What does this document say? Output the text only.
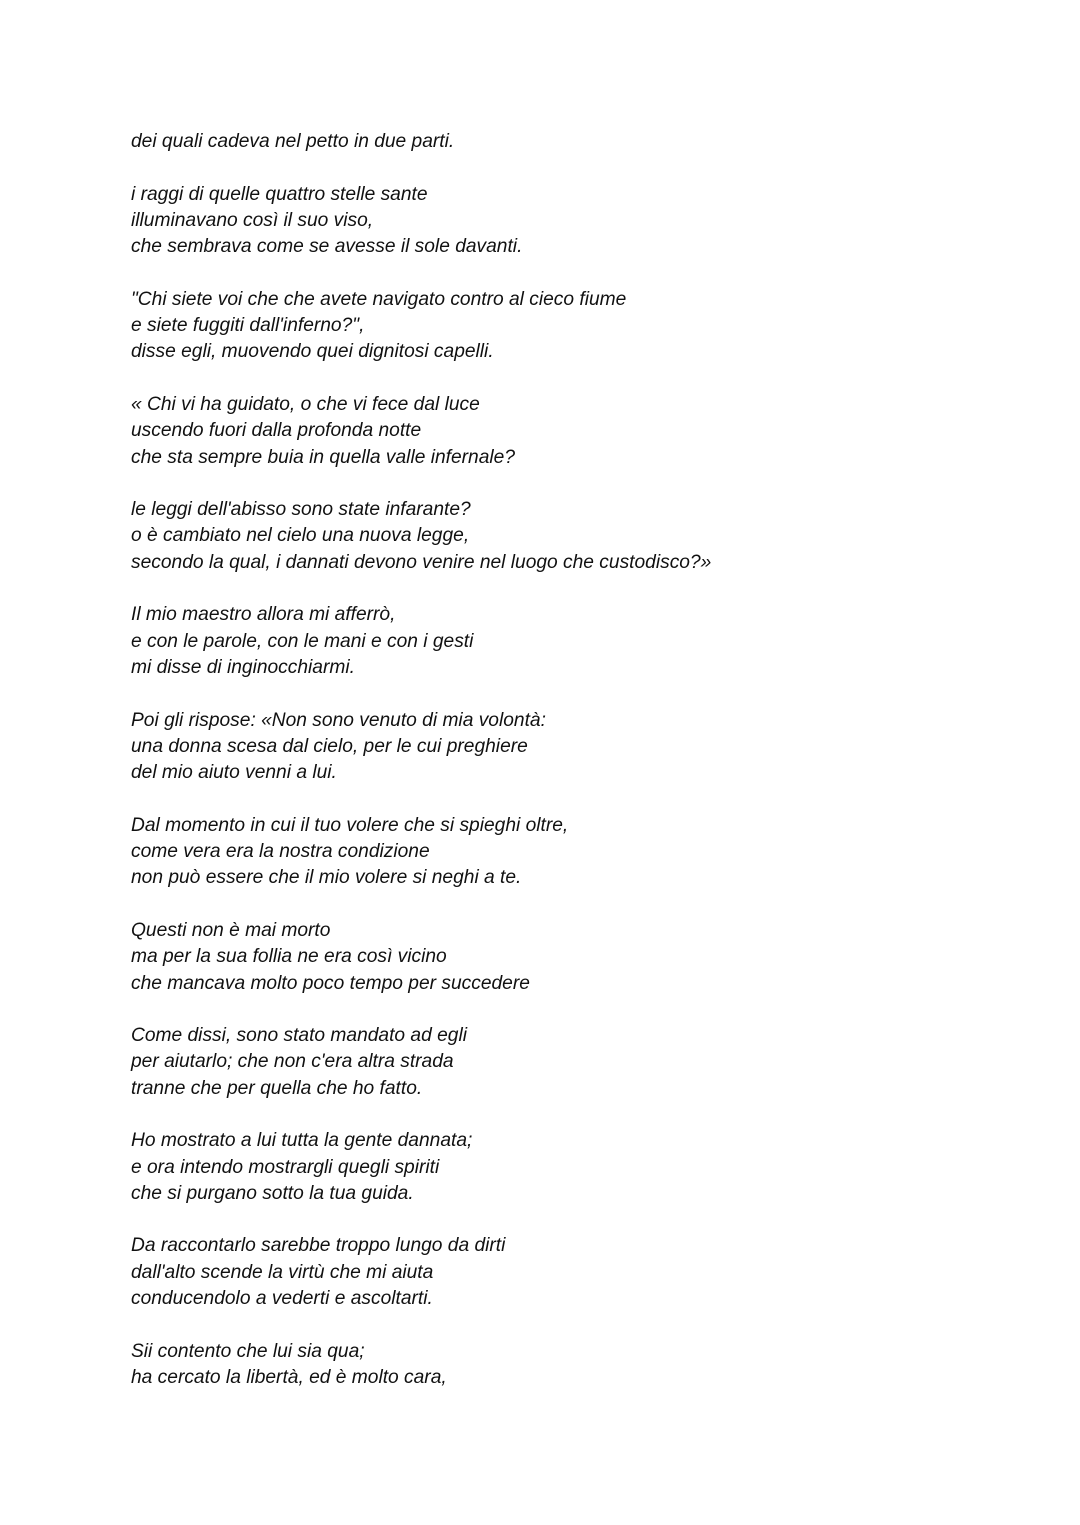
dei quali cadeva nel petto in due parti.
i raggi di quelle quattro stelle sante
illuminavano così il suo viso,
che sembrava come se avesse il sole davanti.
"Chi siete voi che che avete navigato contro al cieco fiume
e siete fuggiti dall'inferno?",
disse egli, muovendo quei dignitosi capelli.
« Chi vi ha guidato, o che vi fece dal luce
uscendo fuori dalla profonda notte
che sta sempre buia in quella valle infernale?
le leggi dell'abisso sono state infarante?
o è cambiato nel cielo una nuova legge,
secondo la qual, i dannati devono venire nel luogo che custodisco?»
Il mio maestro allora mi afferrò,
e con le parole, con le mani e con i gesti
mi disse di inginocchiarmi.
Poi gli rispose: «Non sono venuto di mia volontà:
una donna scesa dal cielo, per le cui preghiere
del mio aiuto venni a lui.
Dal momento in cui il tuo volere che si spieghi oltre,
come vera era la nostra condizione
non può essere che il mio volere si neghi a te.
Questi non è mai morto
ma per la sua follia ne era così vicino
che mancava molto poco tempo per succedere
Come dissi, sono stato mandato ad egli
per aiutarlo; che non c'era altra strada
tranne che per quella che ho fatto.
Ho mostrato a lui tutta la gente dannata;
e ora intendo mostrargli quegli spiriti
che si purgano sotto la tua guida.
Da raccontarlo sarebbe troppo lungo da dirti
dall'alto scende la virtù che mi aiuta
conducendolo a vederti e ascoltarti.
Sii contento che lui sia qua;
ha cercato la libertà, ed è molto cara,
